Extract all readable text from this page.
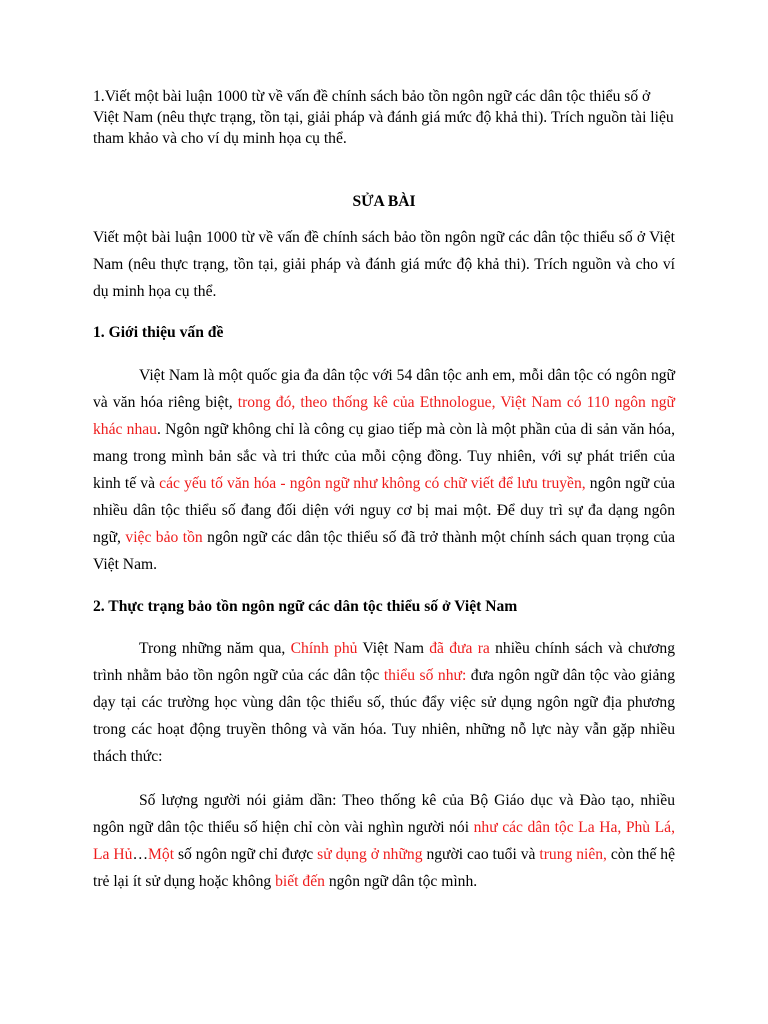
1.Viết một bài luận 1000 từ về vấn đề chính sách bảo tồn ngôn ngữ các dân tộc thiểu số ở Việt Nam (nêu thực trạng, tồn tại, giải pháp và đánh giá mức độ khả thi). Trích nguồn tài liệu tham khảo và cho ví dụ minh họa cụ thể.
SỬA BÀI
Viết một bài luận 1000 từ về vấn đề chính sách bảo tồn ngôn ngữ các dân tộc thiểu số ở Việt Nam (nêu thực trạng, tồn tại, giải pháp và đánh giá mức độ khả thi). Trích nguồn và cho ví dụ minh họa cụ thể.
1. Giới thiệu vấn đề
Việt Nam là một quốc gia đa dân tộc với 54 dân tộc anh em, mỗi dân tộc có ngôn ngữ và văn hóa riêng biệt, trong đó, theo thống kê của Ethnologue, Việt Nam có 110 ngôn ngữ khác nhau. Ngôn ngữ không chỉ là công cụ giao tiếp mà còn là một phần của di sản văn hóa, mang trong mình bản sắc và tri thức của mỗi cộng đồng. Tuy nhiên, với sự phát triển của kinh tế và các yếu tố văn hóa - ngôn ngữ như không có chữ viết để lưu truyền, ngôn ngữ của nhiều dân tộc thiểu số đang đối diện với nguy cơ bị mai một. Để duy trì sự đa dạng ngôn ngữ, việc bảo tồn ngôn ngữ các dân tộc thiểu số đã trở thành một chính sách quan trọng của Việt Nam.
2. Thực trạng bảo tồn ngôn ngữ các dân tộc thiểu số ở Việt Nam
Trong những năm qua, Chính phủ Việt Nam đã đưa ra nhiều chính sách và chương trình nhằm bảo tồn ngôn ngữ của các dân tộc thiểu số như: đưa ngôn ngữ dân tộc vào giảng dạy tại các trường học vùng dân tộc thiểu số, thúc đẩy việc sử dụng ngôn ngữ địa phương trong các hoạt động truyền thông và văn hóa. Tuy nhiên, những nỗ lực này vẫn gặp nhiều thách thức:
Số lượng người nói giảm dần: Theo thống kê của Bộ Giáo dục và Đào tạo, nhiều ngôn ngữ dân tộc thiểu số hiện chỉ còn vài nghìn người nói như các dân tộc La Ha, Phù Lá, La Hủ…Một số ngôn ngữ chỉ được sử dụng ở những người cao tuổi và trung niên, còn thế hệ trẻ lại ít sử dụng hoặc không biết đến ngôn ngữ dân tộc mình.
